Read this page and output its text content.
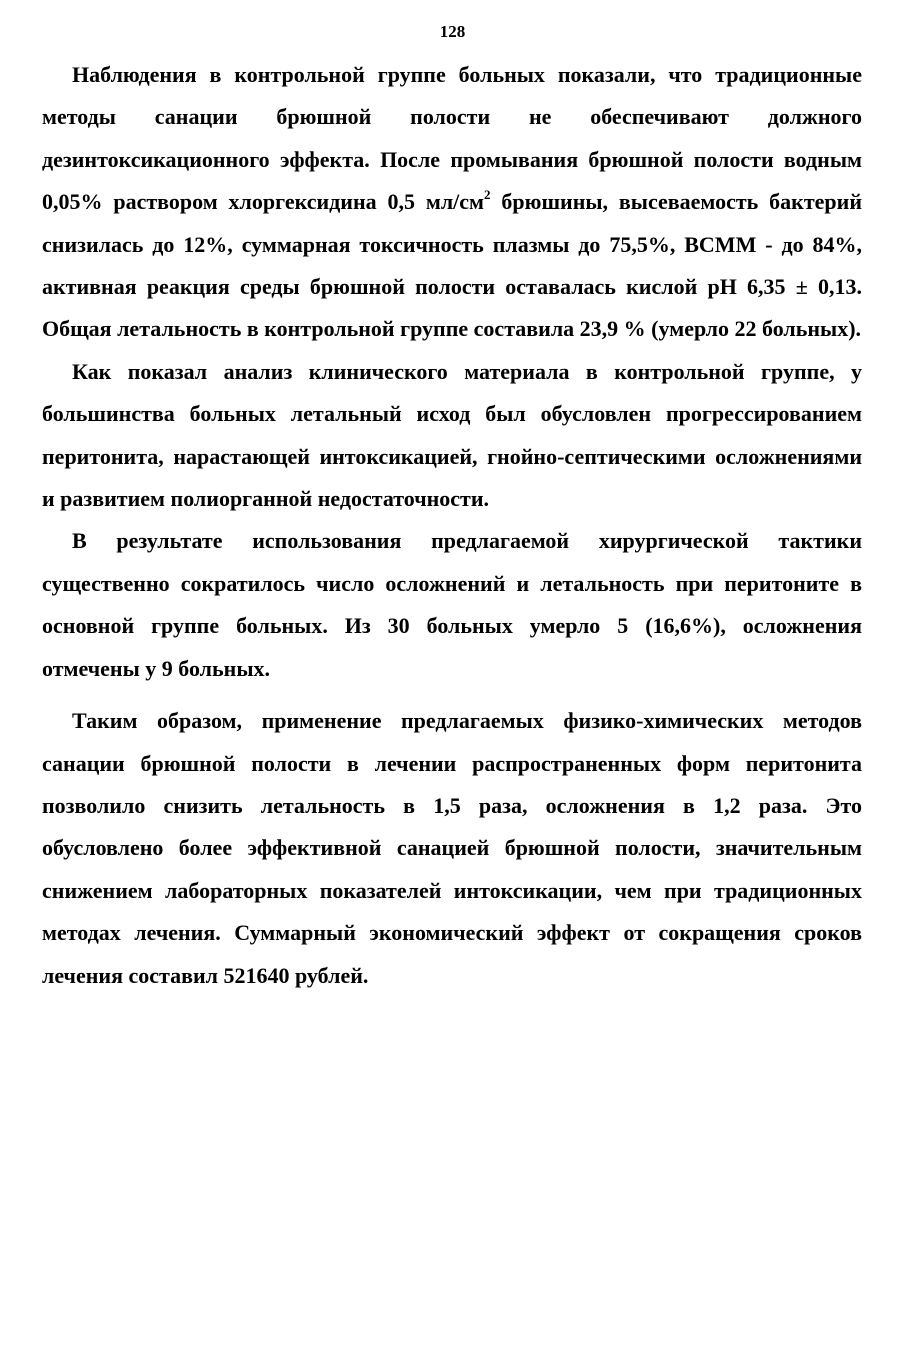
128

Наблюдения в контрольной группе больных показали, что традиционные методы санации брюшной полости не обеспечивают должного дезинтоксикационного эффекта. После промывания брюшной полости водным 0,05% раствором хлоргексидина 0,5 $мл/см^2$ брюшины, высеваемость бактерий снизилась до 12%, суммарная токсичность плазмы до 75,5%, ВСММ - до 84%, активная реакция среды брюшной полости оставалась кислой pH 6,35 ± 0,13. Общая летальность в контрольной группе составила 23,9 % (умерло 22 больных).

Как показал анализ клинического материала в контрольной группе, у большинства больных летальный исход был обусловлен прогрессированием перитонита, нарастающей интоксикацией, гнойно-септическими осложнениями и развитием полиорганной недостаточности.

В результате использования предлагаемой хирургической тактики существенно сократилось число осложнений и летальность при перитоните в основной группе больных. Из 30 больных умерло 5 (16,6%), осложнения отмечены у 9 больных.

Таким образом, применение предлагаемых физико-химических методов санации брюшной полости в лечении распространенных форм перитонита позволило снизить летальность в 1,5 раза, осложнения в 1,2 раза. Это обусловлено более эффективной санацией брюшной полости, значительным снижением лабораторных показателей интоксикации, чем при традиционных методах лечения. Суммарный экономический эффект от сокращения сроков лечения составил 521640 рублей.
